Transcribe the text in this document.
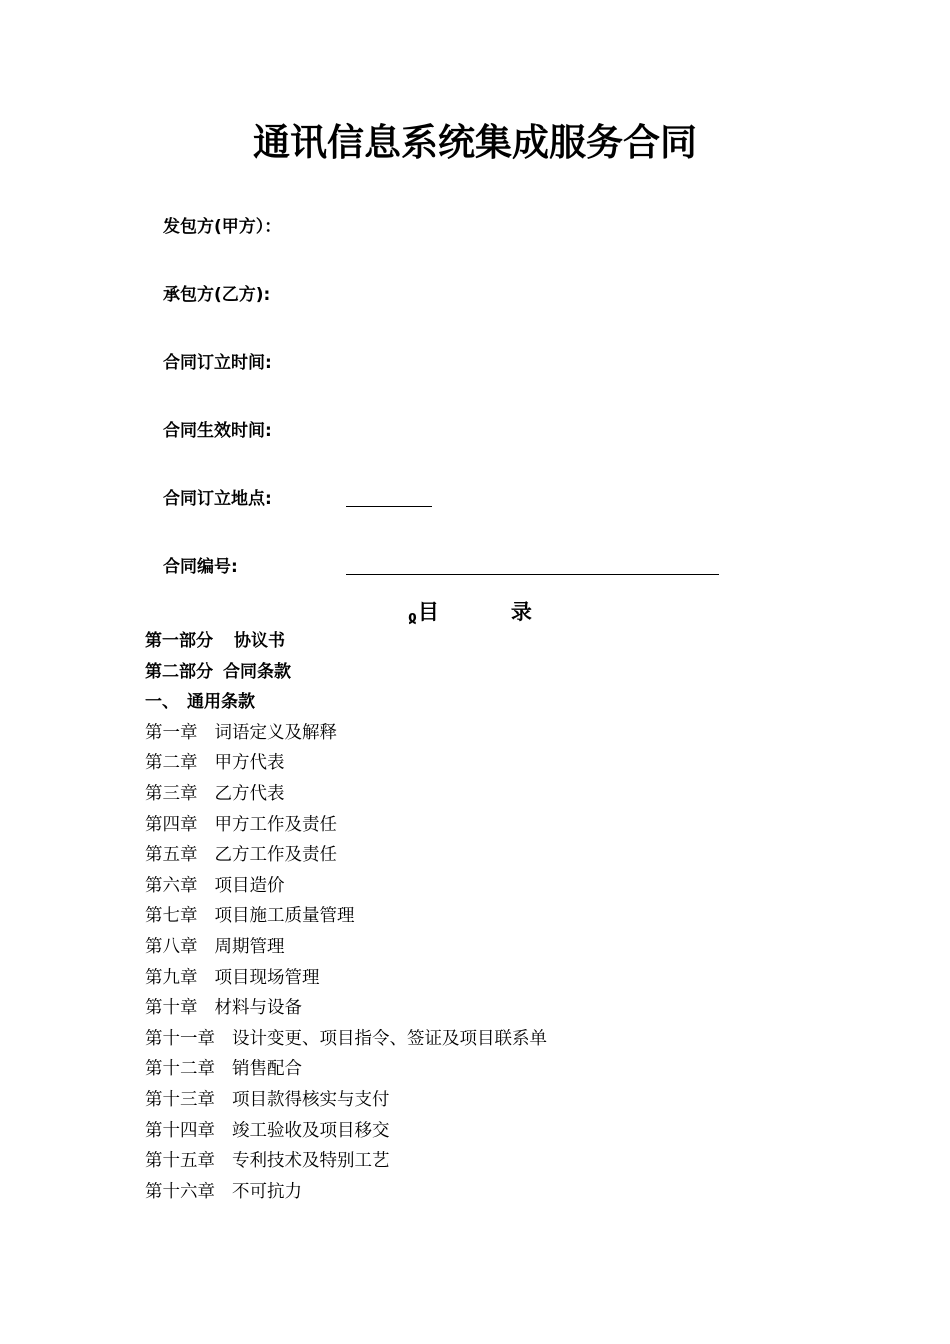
通讯信息系统集成服务合同
发包方(甲方）：
承包方(乙方):
合同订立时间:
合同生效时间:
合同订立地点:
合同编号:
ჲ目	录
第一部分 协议书
第二部分 合同条款
一、 通用条款
第一章 词语定义及解释
第二章 甲方代表
第三章 乙方代表
第四章 甲方工作及责任
第五章 乙方工作及责任
第六章 项目造价
第七章 项目施工质量管理
第八章 周期管理
第九章 项目现场管理
第十章 材料与设备
第十一章 设计变更、项目指令、签证及项目联系单
第十二章 销售配合
第十三章 项目款得核实与支付
第十四章 竣工验收及项目移交
第十五章 专利技术及特别工艺
第十六章 不可抗力
